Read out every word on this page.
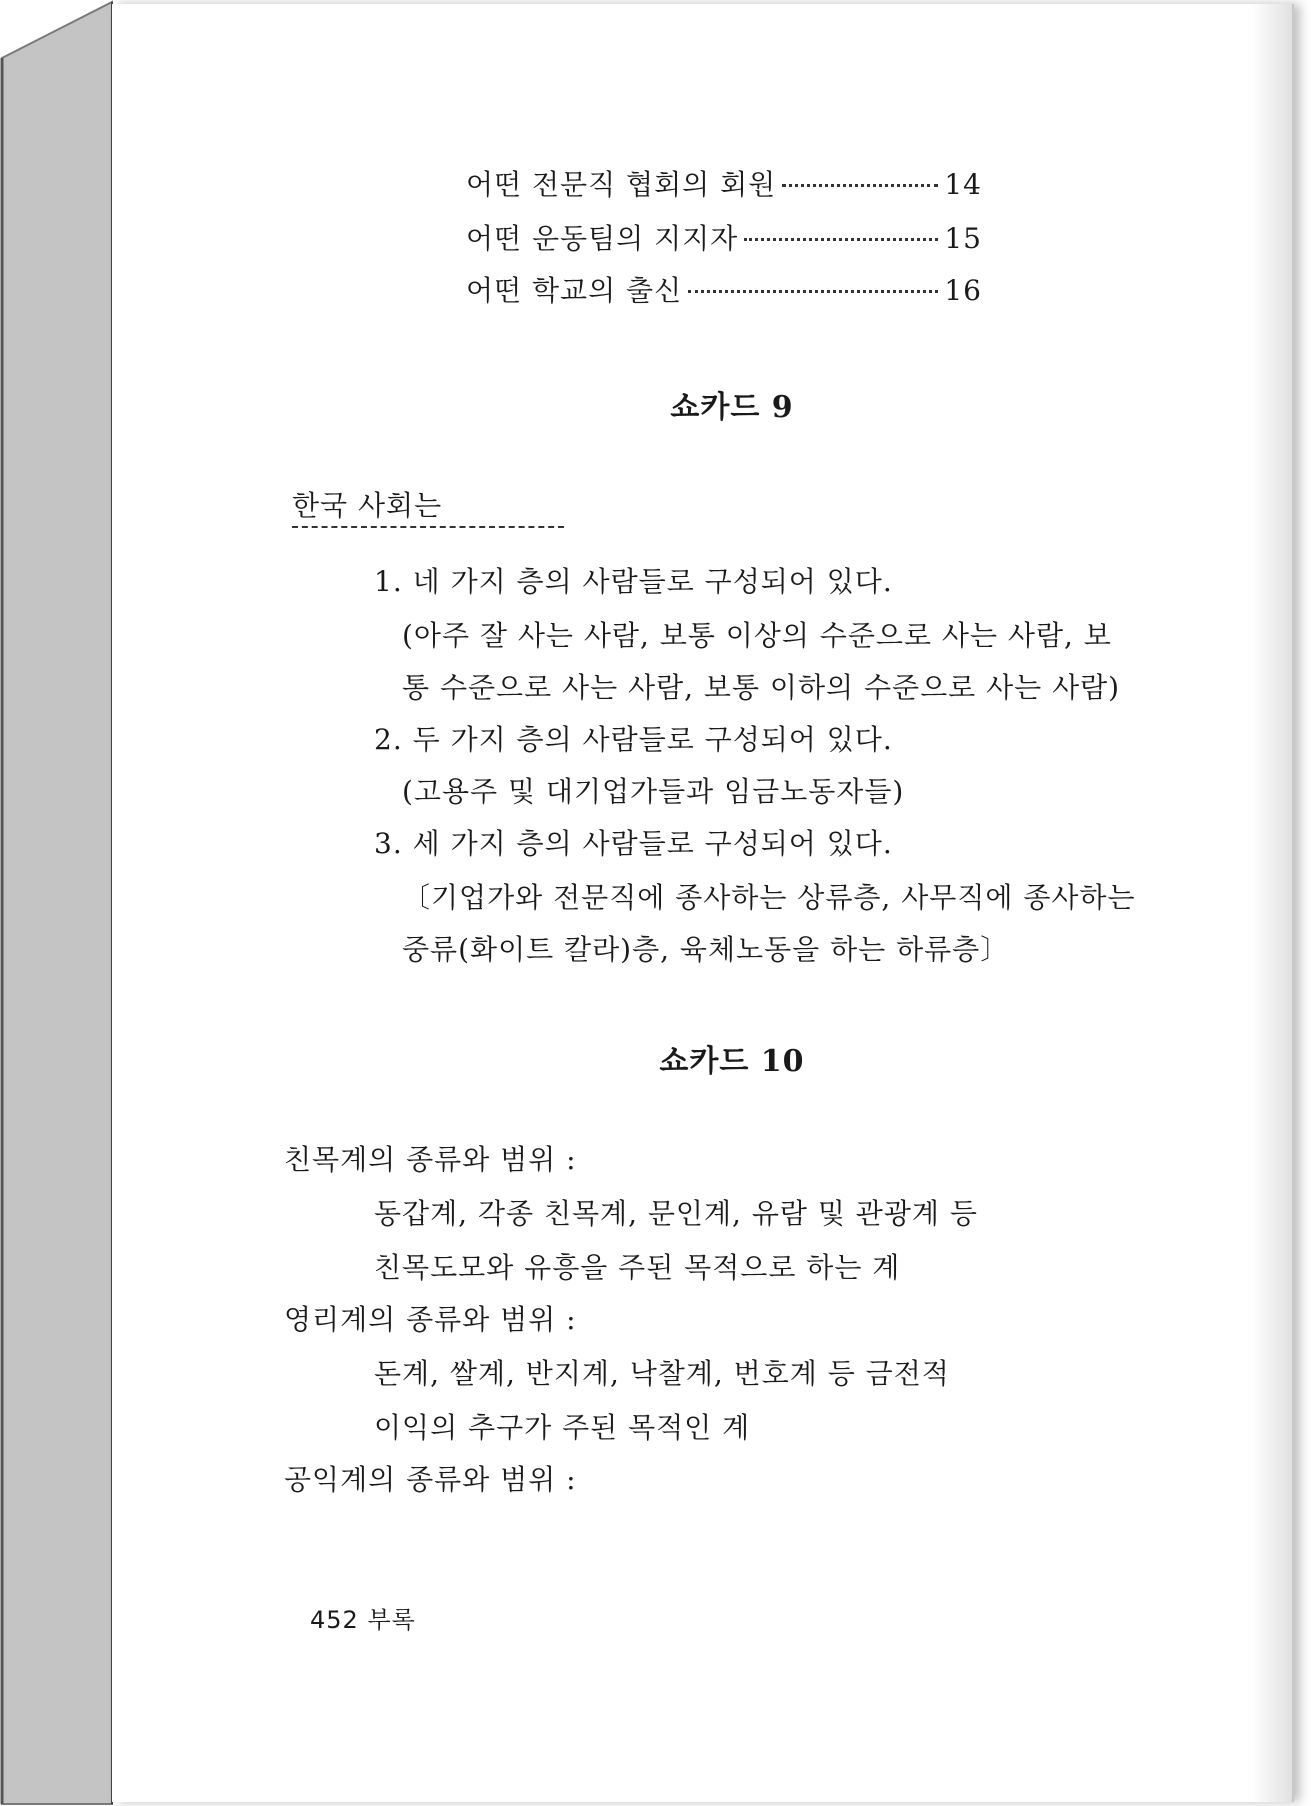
어떤 전문직 협회의 회원	14
어떤 운동팀의 지지자	15
어떤 학교의 출신	16
쇼카드 9
한국 사회는
1. 네 가지 층의 사람들로 구성되어 있다.
(아주 잘 사는 사람, 보통 이상의 수준으로 사는 사람, 보
통 수준으로 사는 사람, 보통 이하의 수준으로 사는 사람)
2. 두 가지 층의 사람들로 구성되어 있다.
(고용주 및 대기업가들과 임금노동자들)
3. 세 가지 층의 사람들로 구성되어 있다.
〔기업가와 전문직에 종사하는 상류층, 사무직에 종사하는
중류(화이트 칼라)층, 육체노동을 하는 하류층〕
쇼카드 10
친목계의 종류와 범위 :
동갑계, 각종 친목계, 문인계, 유람 및 관광계 등
친목도모와 유흥을 주된 목적으로 하는 계
영리계의 종류와 범위 :
돈계, 쌀계, 반지계, 낙찰계, 번호계 등 금전적
이익의 추구가 주된 목적인 계
공익계의 종류와 범위 :
452 부록
